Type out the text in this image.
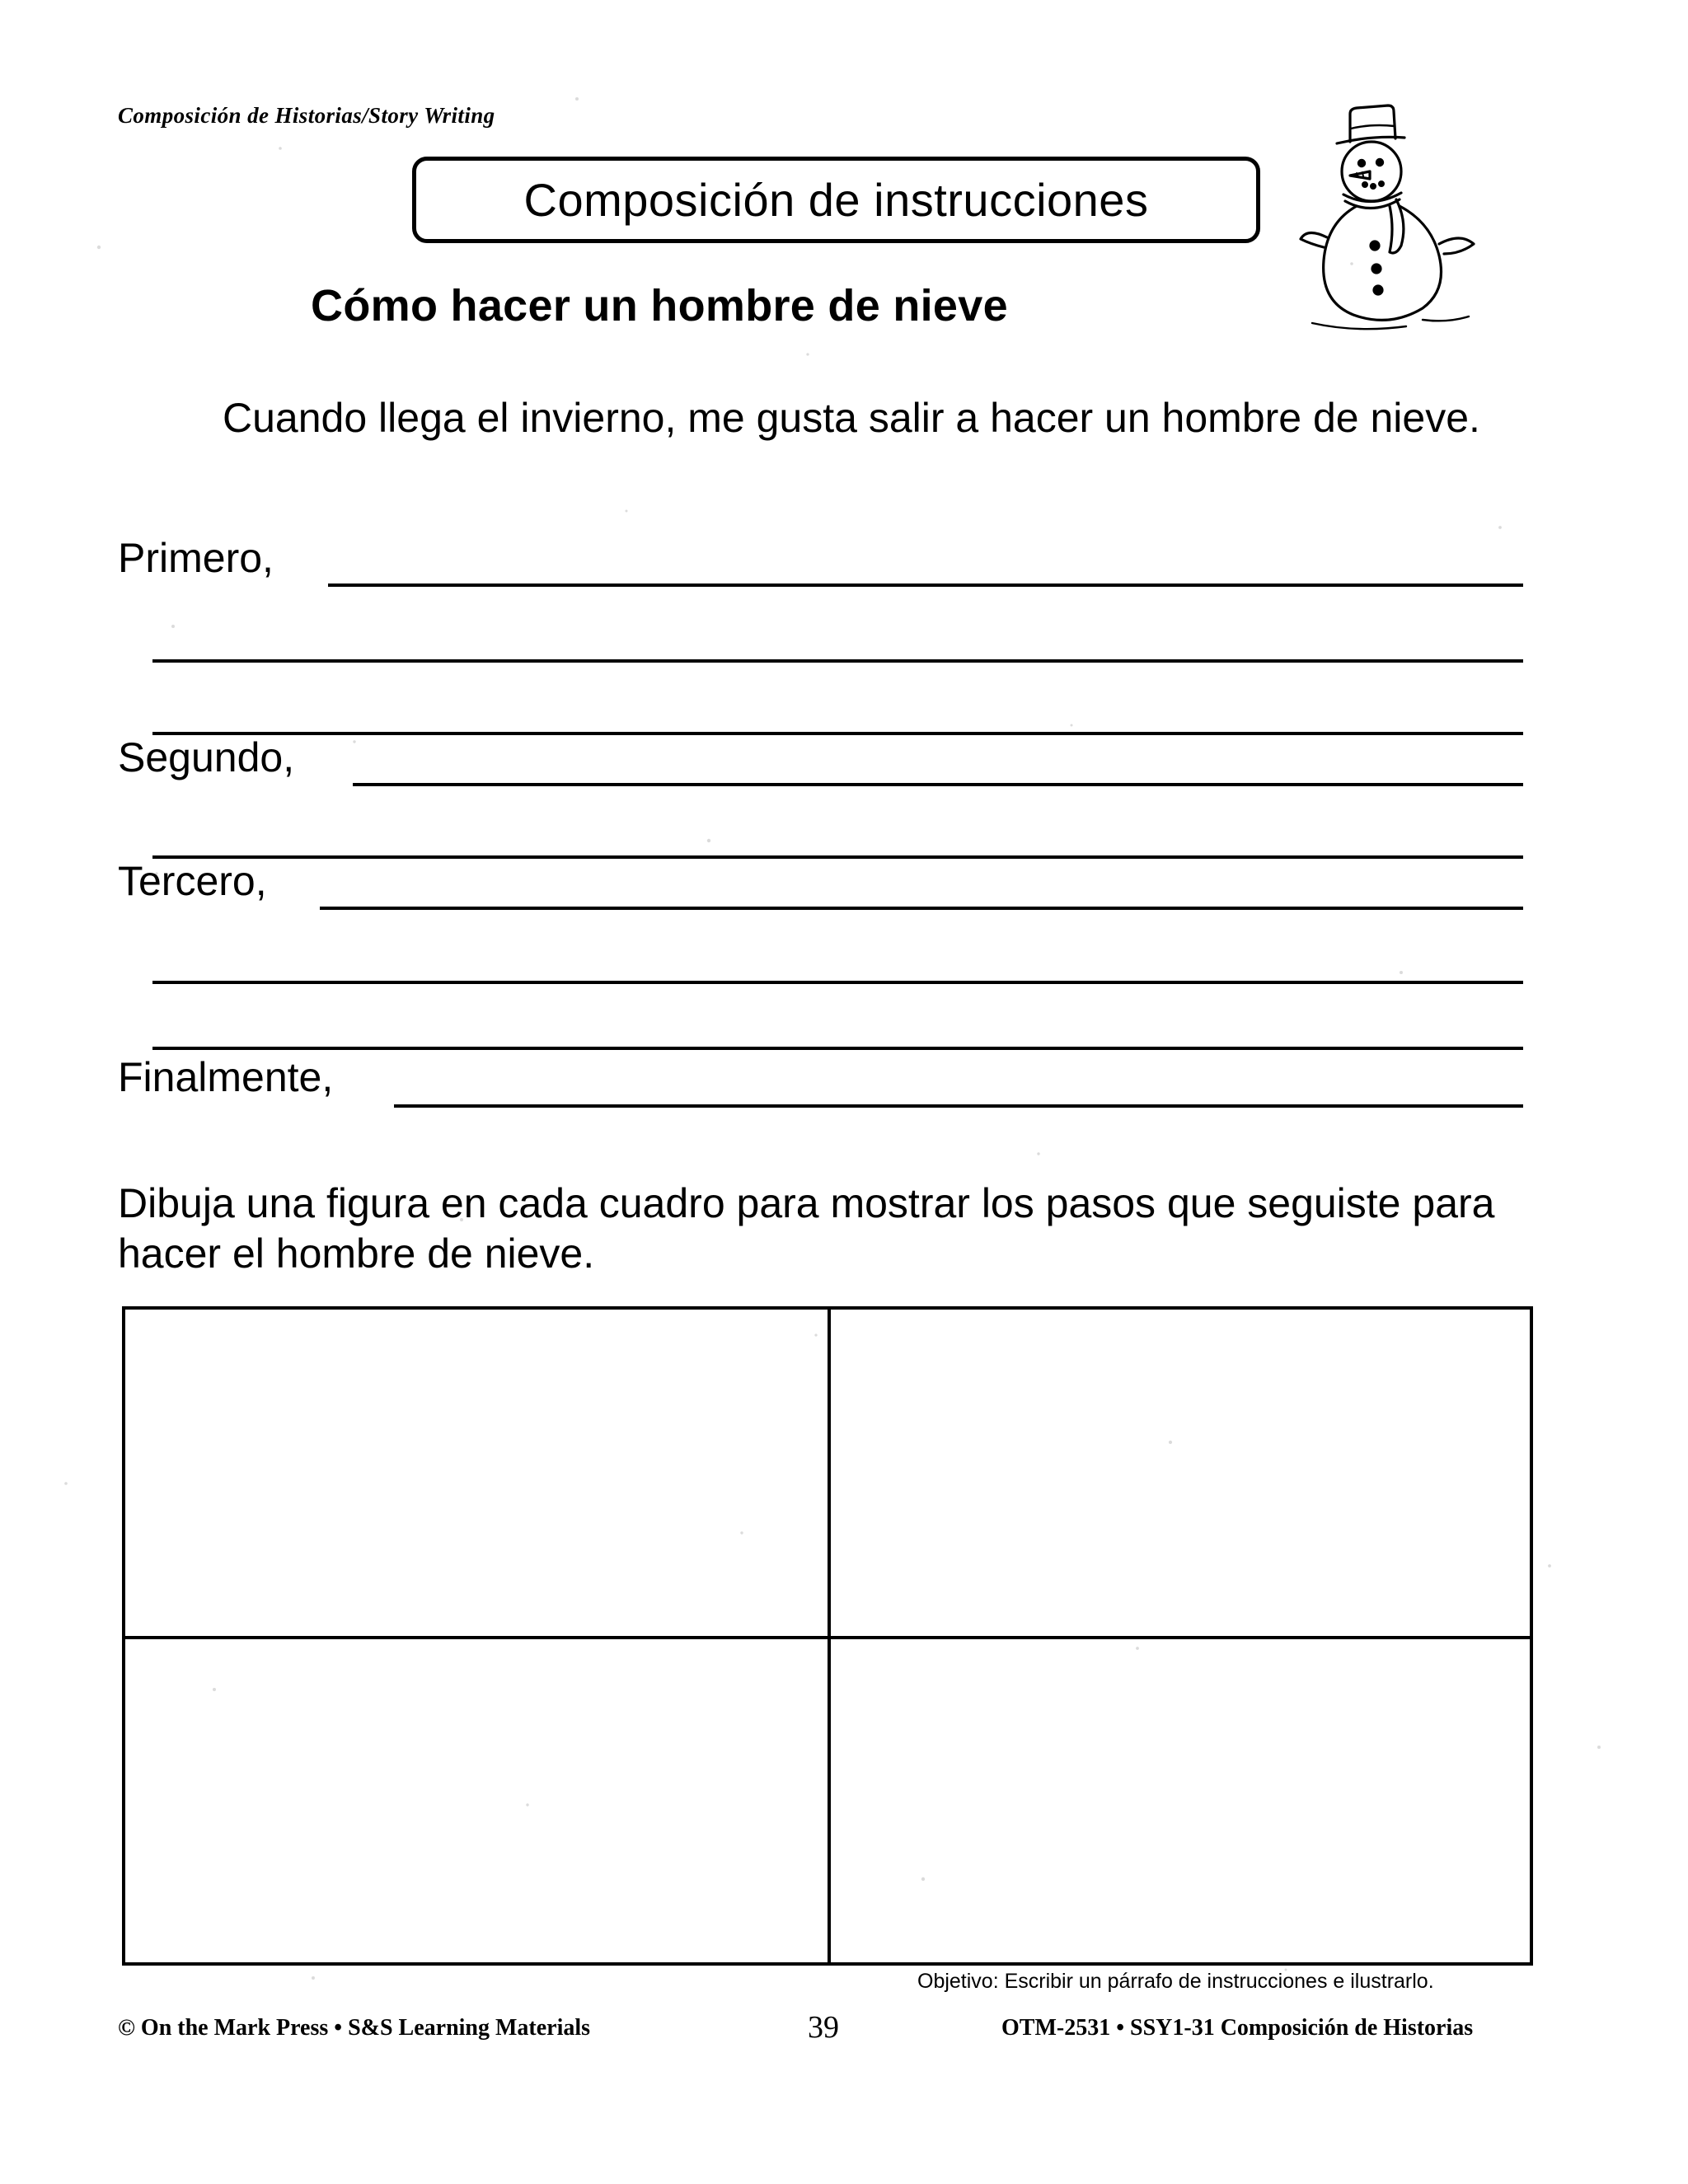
Composición de Historias/Story Writing
Composición de instrucciones
Cómo hacer un hombre de nieve
Cuando llega el invierno, me gusta salir a hacer un hombre de nieve.
Primero,
Segundo,
Tercero,
Finalmente,
Dibuja una figura en cada cuadro para mostrar los pasos que seguiste para hacer el hombre de nieve.
Objetivo: Escribir un párrafo de instrucciones e ilustrarlo.
© On the Mark Press • S&S Learning Materials	39	OTM-2531 • SSY1-31 Composición de Historias
